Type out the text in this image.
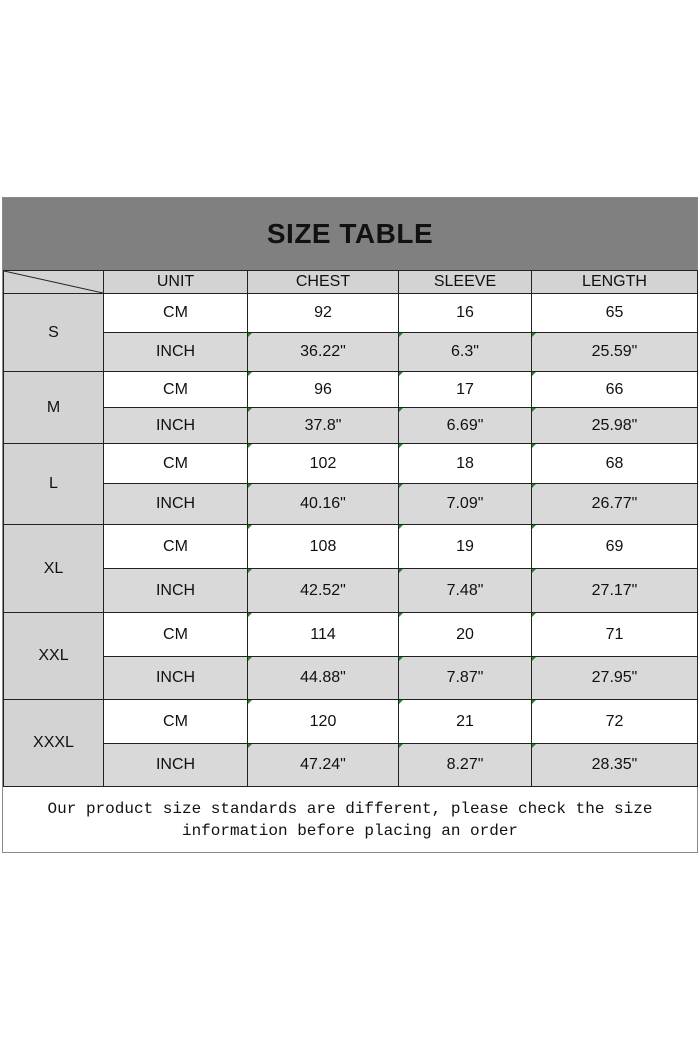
SIZE TABLE
	UNIT	CHEST	SLEEVE	LENGTH
S	CM	92	16	65
	INCH	36.22"	6.3"	25.59"
M	CM	96	17	66
	INCH	37.8"	6.69"	25.98"
L	CM	102	18	68
	INCH	40.16"	7.09"	26.77"
XL	CM	108	19	69
	INCH	42.52"	7.48"	27.17"
XXL	CM	114	20	71
	INCH	44.88"	7.87"	27.95"
XXXL	CM	120	21	72
	INCH	47.24"	8.27"	28.35"
Our product size standards are different, please check the size information before placing an order
